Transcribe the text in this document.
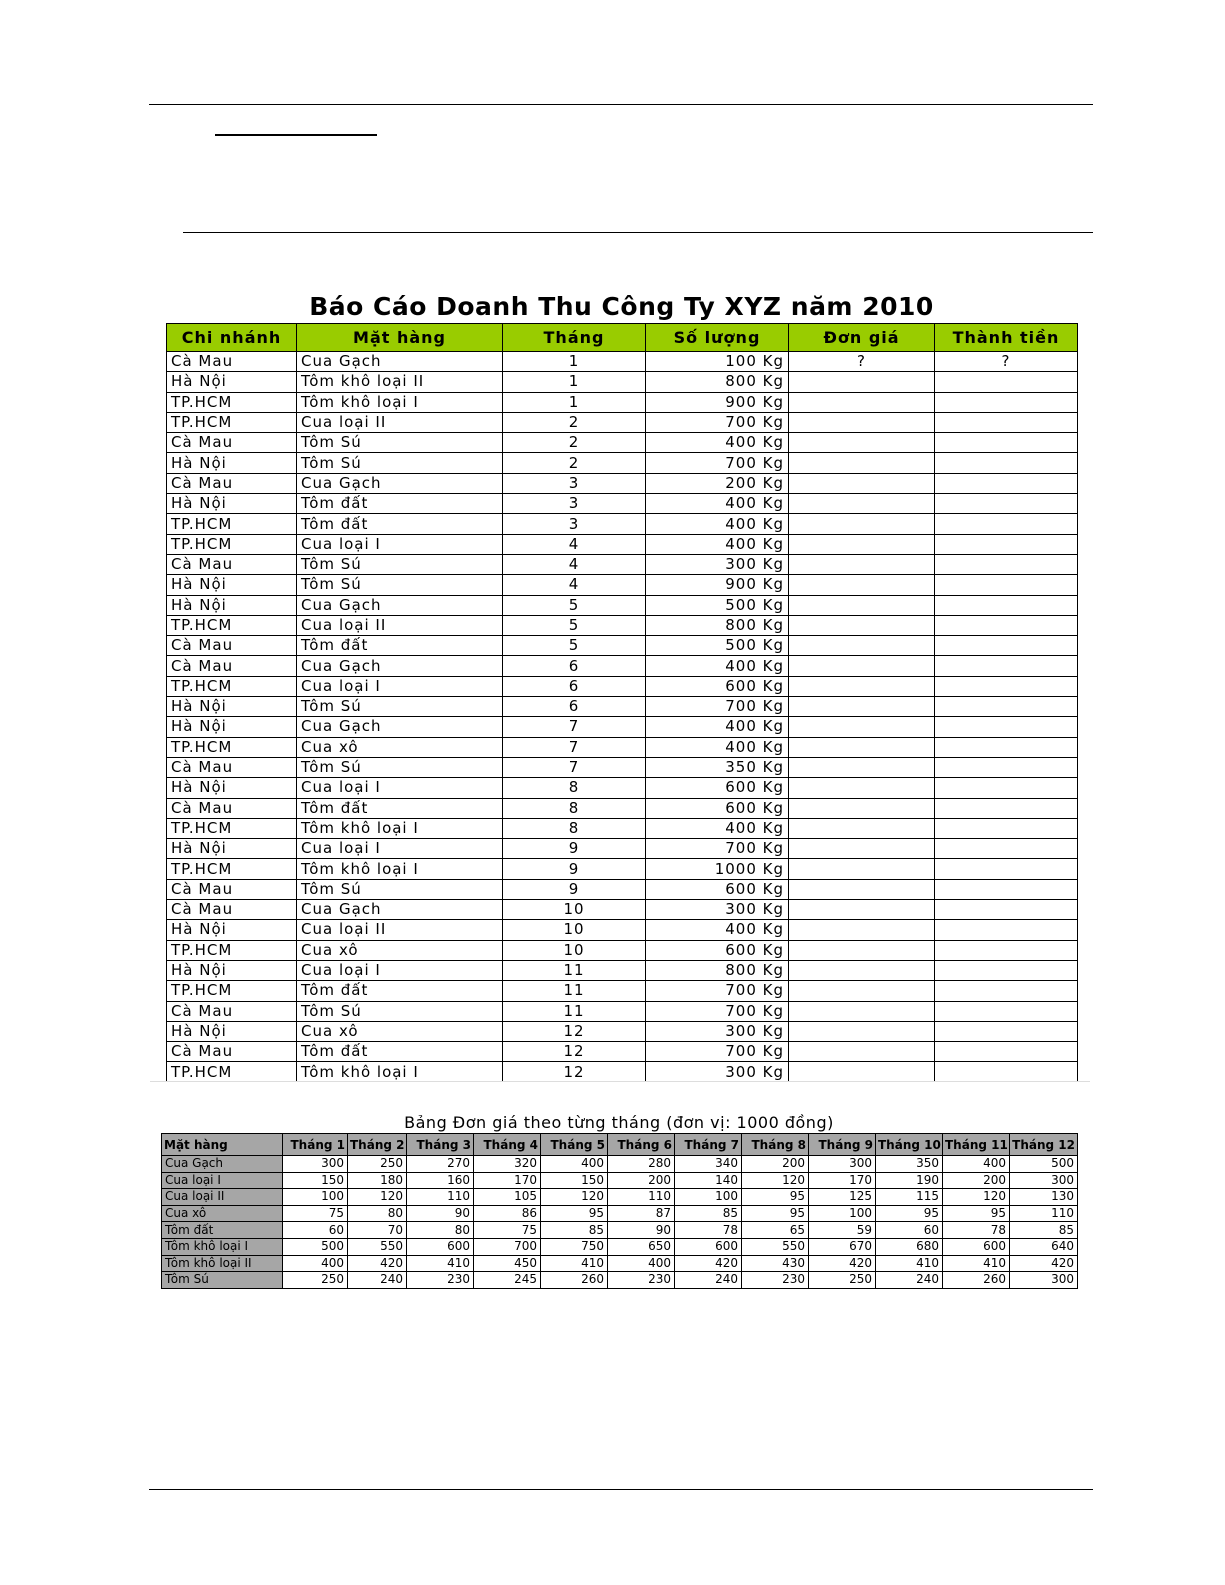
Báo Cáo Doanh Thu Công Ty XYZ năm 2010
Chi nhánh	Mặt hàng	Tháng	Số lượng	Đơn giá	Thành tiền
Cà Mau	Cua Gạch	1	100 Kg	?	?
Hà Nội	Tôm khô loại II	1	800 Kg		
TP.HCM	Tôm khô loại I	1	900 Kg		
TP.HCM	Cua loại II	2	700 Kg		
Cà Mau	Tôm Sú	2	400 Kg		
Hà Nội	Tôm Sú	2	700 Kg		
Cà Mau	Cua Gạch	3	200 Kg		
Hà Nội	Tôm đất	3	400 Kg		
TP.HCM	Tôm đất	3	400 Kg		
TP.HCM	Cua loại I	4	400 Kg		
Cà Mau	Tôm Sú	4	300 Kg		
Hà Nội	Tôm Sú	4	900 Kg		
Hà Nội	Cua Gạch	5	500 Kg		
TP.HCM	Cua loại II	5	800 Kg		
Cà Mau	Tôm đất	5	500 Kg		
Cà Mau	Cua Gạch	6	400 Kg		
TP.HCM	Cua loại I	6	600 Kg		
Hà Nội	Tôm Sú	6	700 Kg		
Hà Nội	Cua Gạch	7	400 Kg		
TP.HCM	Cua xô	7	400 Kg		
Cà Mau	Tôm Sú	7	350 Kg		
Hà Nội	Cua loại I	8	600 Kg		
Cà Mau	Tôm đất	8	600 Kg		
TP.HCM	Tôm khô loại I	8	400 Kg		
Hà Nội	Cua loại I	9	700 Kg		
TP.HCM	Tôm khô loại I	9	1000 Kg		
Cà Mau	Tôm Sú	9	600 Kg		
Cà Mau	Cua Gạch	10	300 Kg		
Hà Nội	Cua loại II	10	400 Kg		
TP.HCM	Cua xô	10	600 Kg		
Hà Nội	Cua loại I	11	800 Kg		
TP.HCM	Tôm đất	11	700 Kg		
Cà Mau	Tôm Sú	11	700 Kg		
Hà Nội	Cua xô	12	300 Kg		
Cà Mau	Tôm đất	12	700 Kg		
TP.HCM	Tôm khô loại I	12	300 Kg		
Bảng Đơn giá theo từng tháng (đơn vị: 1000 đồng)
Mặt hàng	Tháng 1	Tháng 2	Tháng 3	Tháng 4	Tháng 5	Tháng 6	Tháng 7	Tháng 8	Tháng 9	Tháng 10	Tháng 11	Tháng 12
Cua Gạch	300	250	270	320	400	280	340	200	300	350	400	500
Cua loại I	150	180	160	170	150	200	140	120	170	190	200	300
Cua loại II	100	120	110	105	120	110	100	95	125	115	120	130
Cua xô	75	80	90	86	95	87	85	95	100	95	95	110
Tôm đất	60	70	80	75	85	90	78	65	59	60	78	85
Tôm khô loại I	500	550	600	700	750	650	600	550	670	680	600	640
Tôm khô loại II	400	420	410	450	410	400	420	430	420	410	410	420
Tôm Sú	250	240	230	245	260	230	240	230	250	240	260	300
